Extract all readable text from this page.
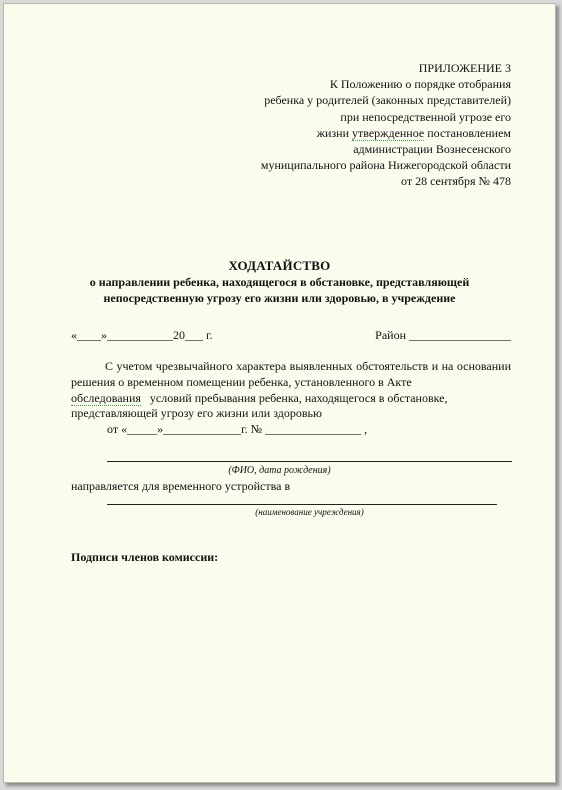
ПРИЛОЖЕНИЕ 3
К Положению о порядке отобрания
ребенка у родителей (законных представителей)
при непосредственной угрозе его
жизни утвержденное постановлением
администрации Вознесенского
муниципального района Нижегородской области
от 28 сентября № 478
ХОДАТАЙСТВО
о направлении ребенка, находящегося в обстановке, представляющей
непосредственную угрозу его жизни или здоровью, в учреждение
«____»___________20___ г.	Район _________________
С учетом чрезвычайного характера выявленных обстоятельств и на основании решения о временном помещении ребенка, установленного в Акте
обследования   условий пребывания ребенка, находящегося в обстановке,
представляющей угрозу его жизни или здоровью
от «_____»_____________г. № ________________ ,
(ФИО, дата рождения)
направляется для временного устройства в
(наименование учреждения)
Подписи членов комиссии:
